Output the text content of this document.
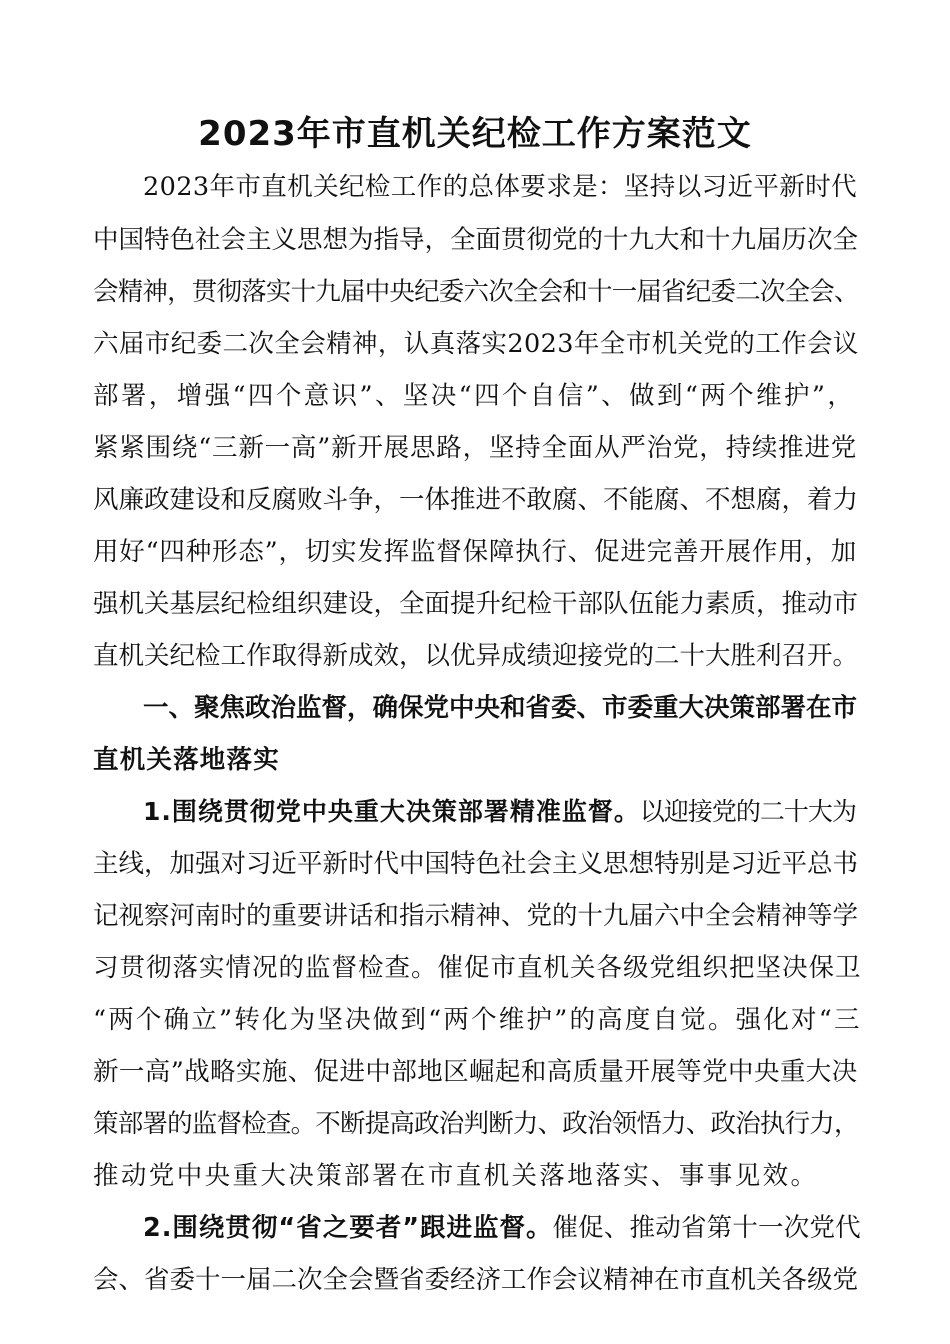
2023年市直机关纪检工作方案范文
2023年市直机关纪检工作的总体要求是：坚持以习近平新时代
中国特色社会主义思想为指导，全面贯彻党的十九大和十九届历次全
会精神，贯彻落实十九届中央纪委六次全会和十一届省纪委二次全会、
六届市纪委二次全会精神，认真落实2023年全市机关党的工作会议
部署，增强“四个意识”、坚决“四个自信”、做到“两个维护”，
紧紧围绕“三新一高”新开展思路，坚持全面从严治党，持续推进党
风廉政建设和反腐败斗争，一体推进不敢腐、不能腐、不想腐，着力
用好“四种形态”，切实发挥监督保障执行、促进完善开展作用，加
强机关基层纪检组织建设，全面提升纪检干部队伍能力素质，推动市
直机关纪检工作取得新成效，以优异成绩迎接党的二十大胜利召开。
一、聚焦政治监督，确保党中央和省委、市委重大决策部署在市
直机关落地落实
1.围绕贯彻党中央重大决策部署精准监督。以迎接党的二十大为
主线，加强对习近平新时代中国特色社会主义思想特别是习近平总书
记视察河南时的重要讲话和指示精神、党的十九届六中全会精神等学
习贯彻落实情况的监督检查。催促市直机关各级党组织把坚决保卫
“两个确立”转化为坚决做到“两个维护”的高度自觉。强化对“三
新一高”战略实施、促进中部地区崛起和高质量开展等党中央重大决
策部署的监督检查。不断提高政治判断力、政治领悟力、政治执行力，
推动党中央重大决策部署在市直机关落地落实、事事见效。
2.围绕贯彻“省之要者”跟进监督。催促、推动省第十一次党代
会、省委十一届二次全会暨省委经济工作会议精神在市直机关各级党
